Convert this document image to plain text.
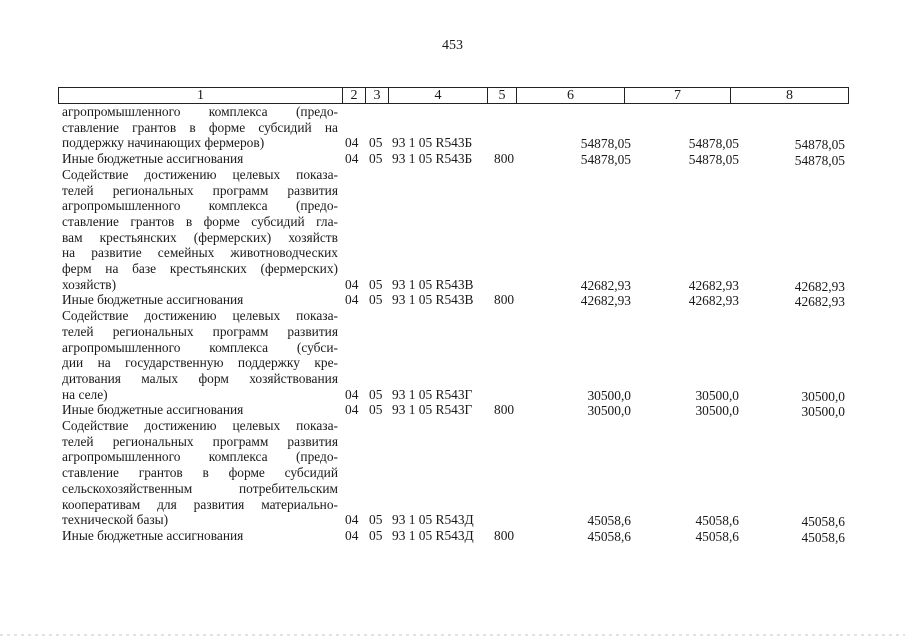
453
1	2	3	4	5	6	7	8
агропромышленного комплекса (предо-
ставление грантов в форме субсидий на
поддержку начинающих фермеров)	04 05 93 1 05 R543Б	54878,05	54878,05	54878,05
Иные бюджетные ассигнования	04 05 93 1 05 R543Б 800	54878,05	54878,05	54878,05
Содействие достижению целевых показа-
телей региональных программ развития
агропромышленного комплекса (предо-
ставление грантов в форме субсидий гла-
вам крестьянских (фермерских) хозяйств
на развитие семейных животноводческих
ферм на базе крестьянских (фермерских)
хозяйств)	04 05 93 1 05 R543В	42682,93	42682,93	42682,93
Иные бюджетные ассигнования	04 05 93 1 05 R543В 800	42682,93	42682,93	42682,93
Содействие достижению целевых показа-
телей региональных программ развития
агропромышленного комплекса (субси-
дии на государственную поддержку кре-
дитования малых форм хозяйствования
на селе)	04 05 93 1 05 R543Г	30500,0	30500,0	30500,0
Иные бюджетные ассигнования	04 05 93 1 05 R543Г 800	30500,0	30500,0	30500,0
Содействие достижению целевых показа-
телей региональных программ развития
агропромышленного комплекса (предо-
ставление грантов в форме субсидий
сельскохозяйственным потребительским
кооперативам для развития материально-
технической базы)	04 05 93 1 05 R543Д	45058,6	45058,6	45058,6
Иные бюджетные ассигнования	04 05 93 1 05 R543Д 800	45058,6	45058,6	45058,6
